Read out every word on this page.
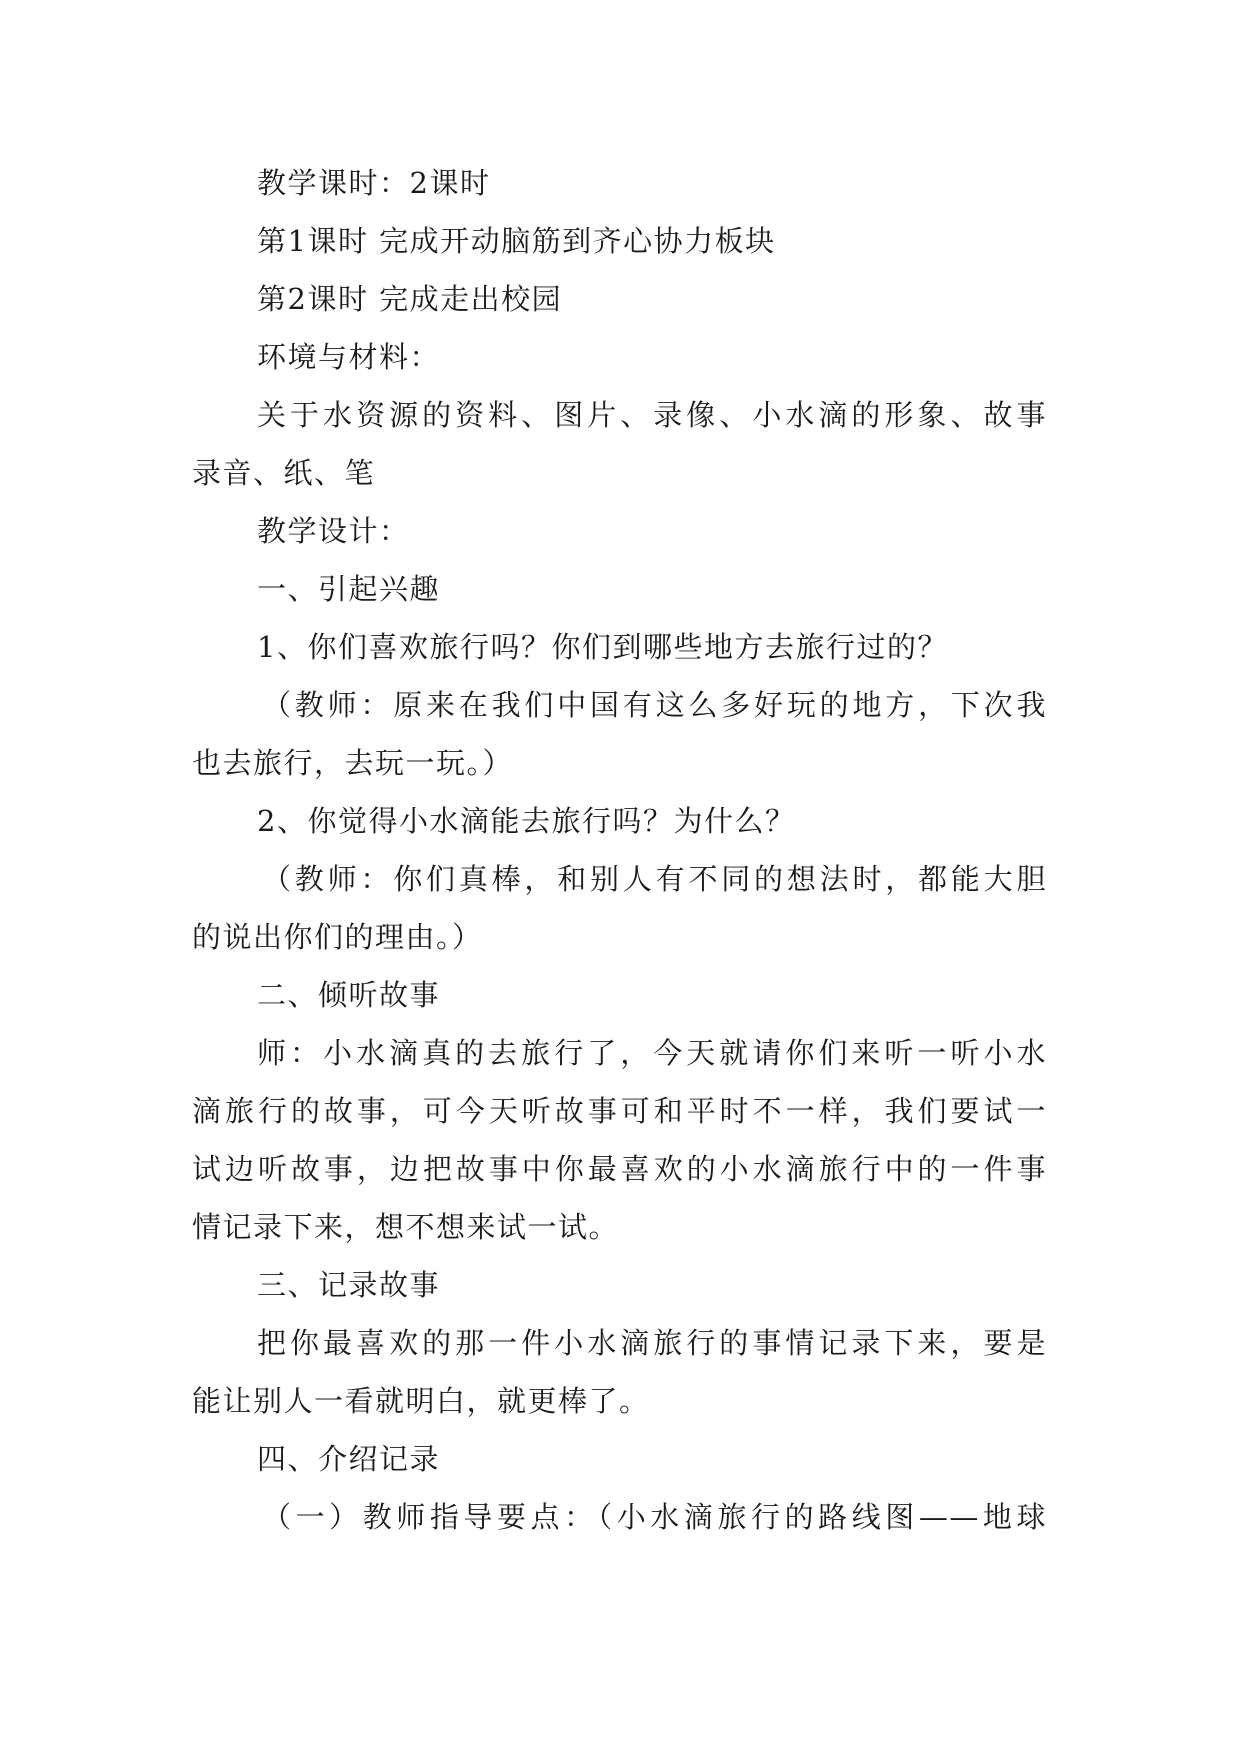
教学课时：2课时

第1课时 完成开动脑筋到齐心协力板块

第2课时 完成走出校园

环境与材料：

关于水资源的资料、图片、录像、小水滴的形象、故事

录音、纸、笔

教学设计：

一、引起兴趣

1、你们喜欢旅行吗？你们到哪些地方去旅行过的？

（教师：原来在我们中国有这么多好玩的地方，下次我

也去旅行，去玩一玩。）

2、你觉得小水滴能去旅行吗？为什么？

（教师：你们真棒，和别人有不同的想法时，都能大胆

的说出你们的理由。）

二、倾听故事

师：小水滴真的去旅行了，今天就请你们来听一听小水

滴旅行的故事，可今天听故事可和平时不一样，我们要试一

试边听故事，边把故事中你最喜欢的小水滴旅行中的一件事

情记录下来，想不想来试一试。

三、记录故事

把你最喜欢的那一件小水滴旅行的事情记录下来，要是

能让别人一看就明白，就更棒了。

四、介绍记录

（一）教师指导要点：（小水滴旅行的路线图——地球
